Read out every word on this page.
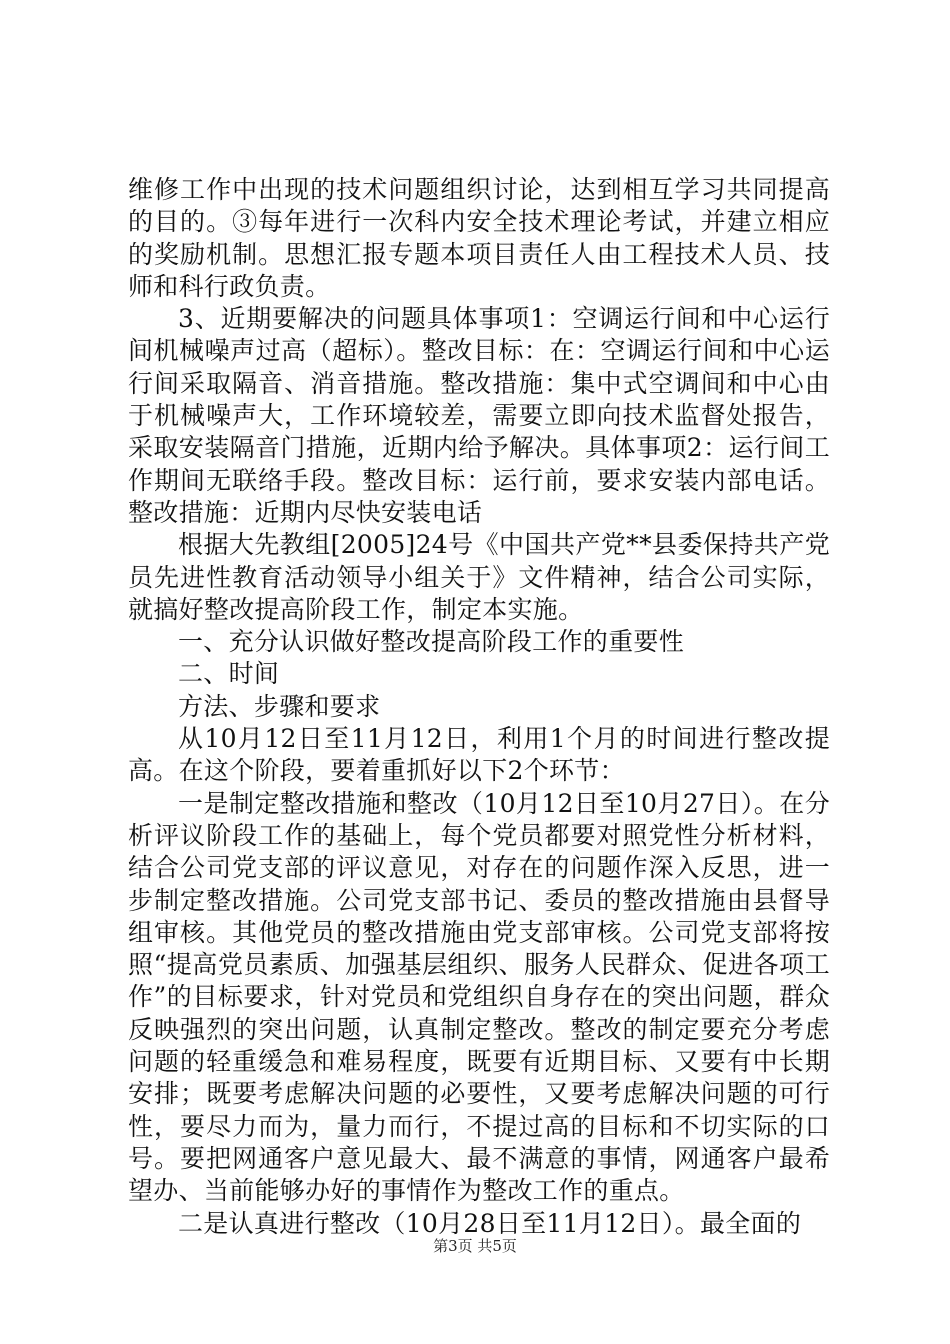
维修工作中出现的技术问题组织讨论，达到相互学习共同提高的目的。③每年进行一次科内安全技术理论考试，并建立相应的奖励机制。思想汇报专题本项目责任人由工程技术人员、技师和科行政负责。

3、近期要解决的问题具体事项1：空调运行间和中心运行间机械噪声过高（超标）。整改目标：在：空调运行间和中心运行间采取隔音、消音措施。整改措施：集中式空调间和中心由于机械噪声大，工作环境较差，需要立即向技术监督处报告，采取安装隔音门措施，近期内给予解决。具体事项2：运行间工作期间无联络手段。整改目标：运行前，要求安装内部电话。整改措施：近期内尽快安装电话

根据大先教组[2005]24号《中国共产党**县委保持共产党员先进性教育活动领导小组关于》文件精神，结合公司实际，就搞好整改提高阶段工作，制定本实施。

一、充分认识做好整改提高阶段工作的重要性

二、时间

方法、步骤和要求

从10月12日至11月12日，利用1个月的时间进行整改提高。在这个阶段，要着重抓好以下2个环节：

一是制定整改措施和整改（10月12日至10月27日）。在分析评议阶段工作的基础上，每个党员都要对照党性分析材料，结合公司党支部的评议意见，对存在的问题作深入反思，进一步制定整改措施。公司党支部书记、委员的整改措施由县督导组审核。其他党员的整改措施由党支部审核。公司党支部将按照“提高党员素质、加强基层组织、服务人民群众、促进各项工作”的目标要求，针对党员和党组织自身存在的突出问题，群众反映强烈的突出问题，认真制定整改。整改的制定要充分考虑问题的轻重缓急和难易程度，既要有近期目标、又要有中长期安排；既要考虑解决问题的必要性，又要考虑解决问题的可行性，要尽力而为，量力而行，不提过高的目标和不切实际的口号。要把网通客户意见最大、最不满意的事情，网通客户最希望办、当前能够办好的事情作为整改工作的重点。

二是认真进行整改（10月28日至11月12日）。最全面的

第3页 共5页
